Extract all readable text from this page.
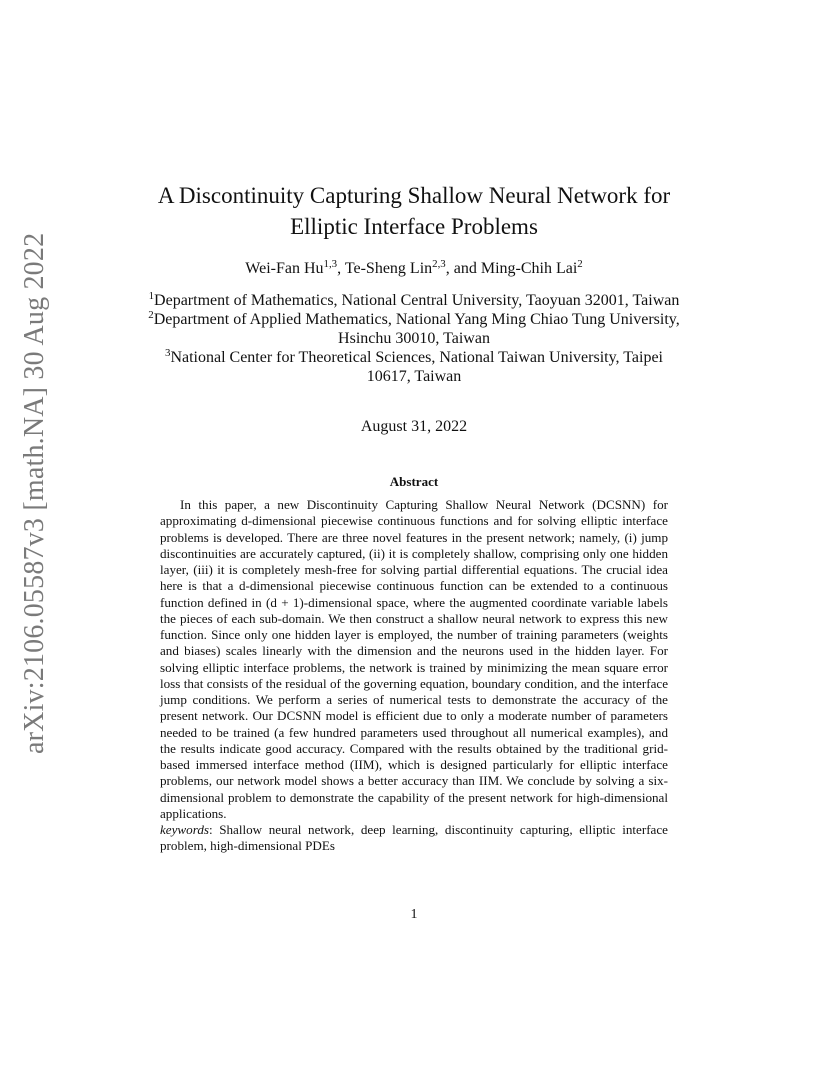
arXiv:2106.05587v3 [math.NA] 30 Aug 2022
A Discontinuity Capturing Shallow Neural Network for
Elliptic Interface Problems
Wei-Fan Hu$^{1,3}$, Te-Sheng Lin$^{2,3}$, and Ming-Chih Lai$^2$
$^1$Department of Mathematics, National Central University, Taoyuan 32001, Taiwan
$^2$Department of Applied Mathematics, National Yang Ming Chiao Tung University,
Hsinchu 30010, Taiwan
$^3$National Center for Theoretical Sciences, National Taiwan University, Taipei
10617, Taiwan
August 31, 2022
Abstract

In this paper, a new Discontinuity Capturing Shallow Neural Network (DCSNN) for approximating d-dimensional piecewise continuous functions and for solving elliptic interface problems is developed. There are three novel features in the present network; namely, (i) jump discontinuities are accurately captured, (ii) it is completely shallow, comprising only one hidden layer, (iii) it is completely mesh-free for solving partial differential equations. The crucial idea here is that a d-dimensional piecewise continuous function can be extended to a continuous function defined in (d + 1)-dimensional space, where the augmented coordinate variable labels the pieces of each sub-domain. We then construct a shallow neural network to express this new function. Since only one hidden layer is employed, the number of training parameters (weights and biases) scales linearly with the dimension and the neurons used in the hidden layer. For solving elliptic interface problems, the network is trained by minimizing the mean square error loss that consists of the residual of the governing equation, boundary condition, and the interface jump conditions. We perform a series of numerical tests to demonstrate the accuracy of the present network. Our DCSNN model is efficient due to only a moderate number of parameters needed to be trained (a few hundred parameters used throughout all numerical examples), and the results indicate good accuracy. Compared with the results obtained by the traditional grid-based immersed interface method (IIM), which is designed particularly for elliptic interface problems, our network model shows a better accuracy than IIM. We conclude by solving a six-dimensional problem to demonstrate the capability of the present network for high-dimensional applications.

keywords: Shallow neural network, deep learning, discontinuity capturing, elliptic interface problem, high-dimensional PDEs
1
